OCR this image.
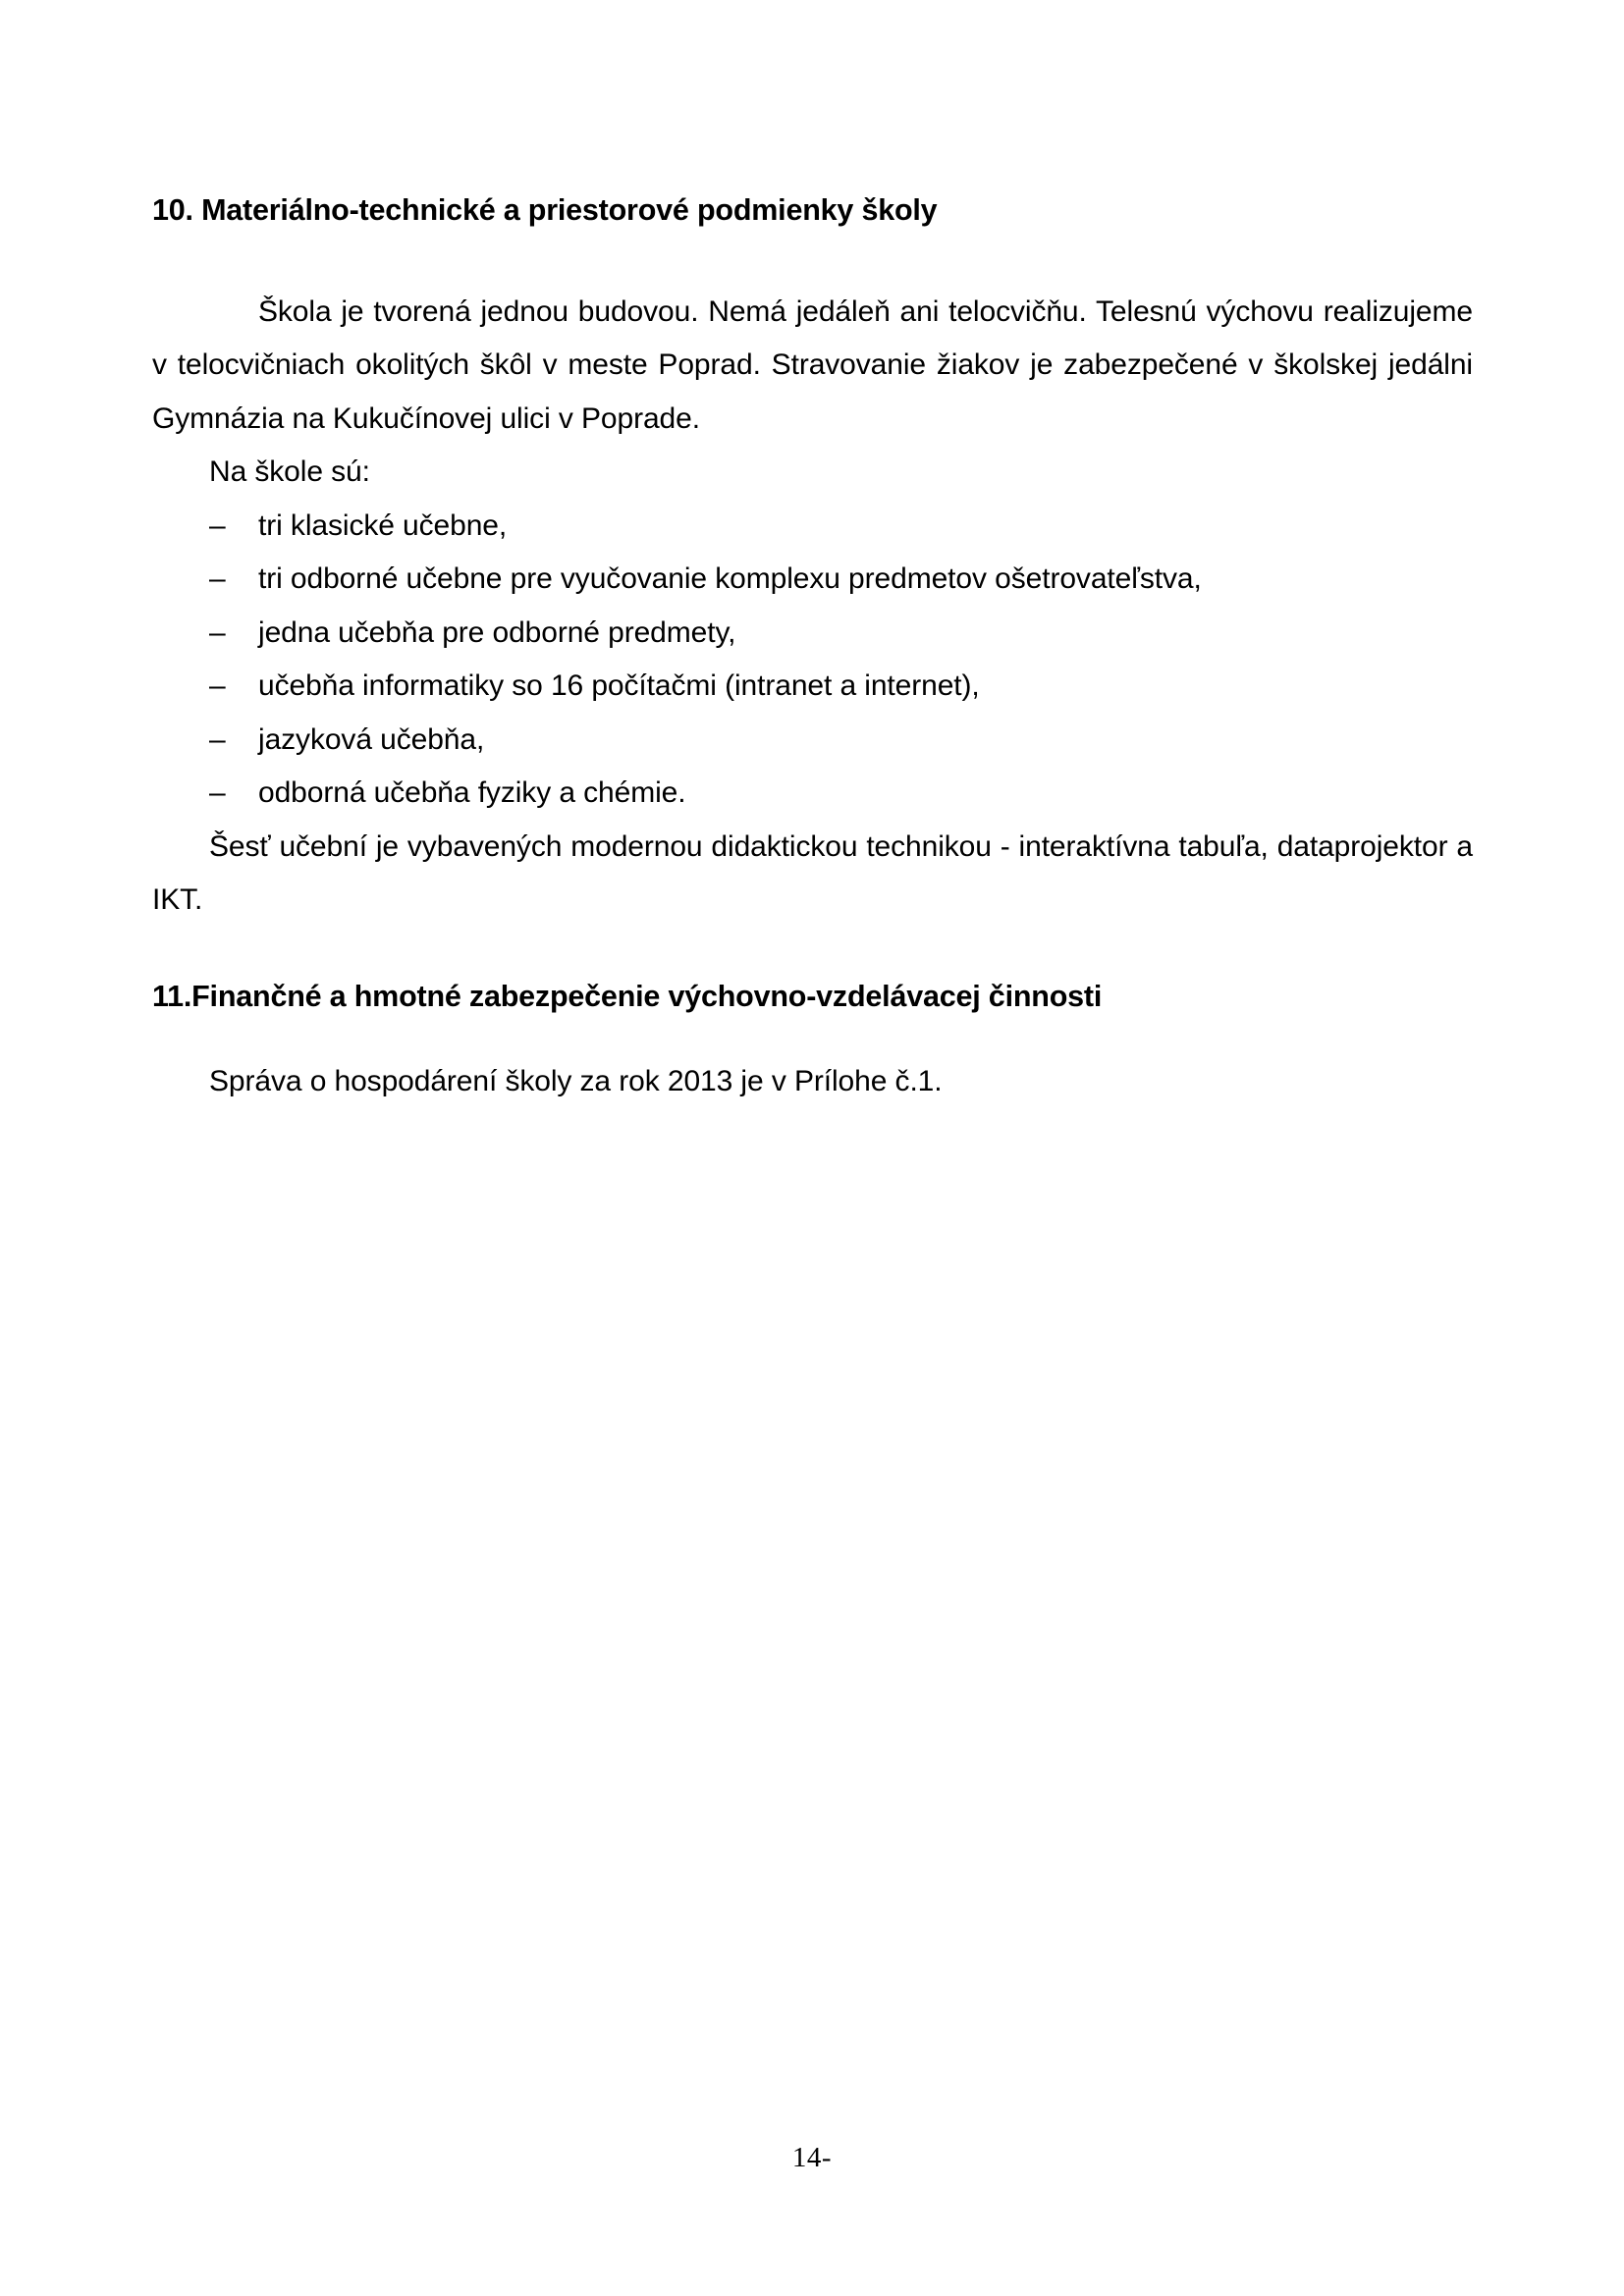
10. Materiálno-technické a priestorové podmienky školy

Škola je tvorená jednou budovou. Nemá jedáleň ani telocvičňu. Telesnú výchovu realizujeme v telocvičniach okolitých škôl v meste Poprad. Stravovanie žiakov je zabezpečené v školskej jedálni Gymnázia na Kukučínovej ulici v Poprade.

Na škole sú:

– tri klasické učebne,
– tri odborné učebne pre vyučovanie komplexu predmetov ošetrovateľstva,
– jedna učebňa pre odborné predmety,
– učebňa informatiky so 16 počítačmi (intranet a internet),
– jazyková učebňa,
– odborná učebňa fyziky a chémie.

Šesť učební je vybavených modernou didaktickou technikou - interaktívna tabuľa, dataprojektor a IKT.

11. Finančné a hmotné zabezpečenie výchovno-vzdelávacej činnosti

Správa o hospodárení školy za rok 2013 je v Prílohe č.1.

14-
